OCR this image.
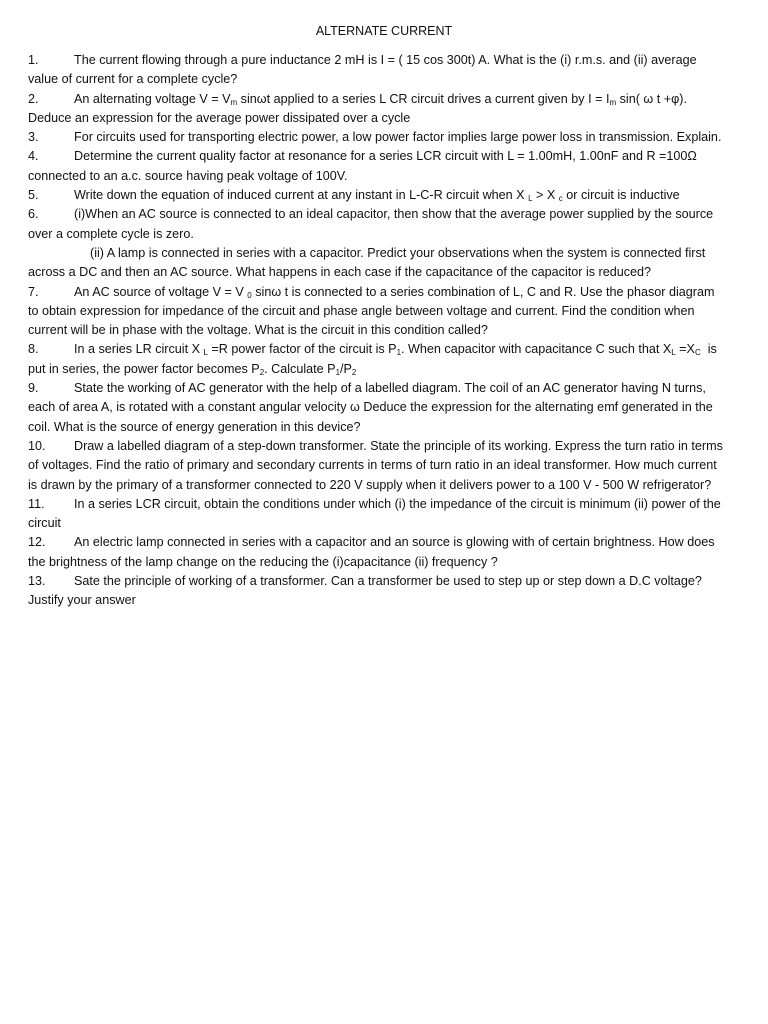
ALTERNATE CURRENT

1.	The current flowing through a pure inductance 2 mH is I = ( 15 cos 300t) A. What is the (i) r.m.s. and (ii) average value of current for a complete cycle?

2.	An alternating voltage $V = V_m$ sinωt applied to a series L CR circuit drives a current given by $I = I_m$ sin( ω t +φ). Deduce an expression for the average power dissipated over a cycle

3.	For circuits used for transporting electric power, a low power factor implies large power loss in transmission. Explain.

4.	Determine the current quality factor at resonance for a series LCR circuit with L = 1.00mH, 1.00nF and R =100Ω connected to an a.c. source having peak voltage of 100V.

5.	Write down the equation of induced current at any instant in L-C-R circuit when X $_L$ > X $_c$ or circuit is inductive

6.	(i)When an AC source is connected to an ideal capacitor, then show that the average power supplied by the source over a complete cycle is zero.

(ii) A lamp is connected in series with a capacitor. Predict your observations when the system is connected first across a DC and then an AC source. What happens in each case if the capacitance of the capacitor is reduced?

7.	An AC source of voltage V = V $_0$ sinω t is connected to a series combination of L, C and R. Use the phasor diagram to obtain expression for impedance of the circuit and phase angle between voltage and current. Find the condition when current will be in phase with the voltage. What is the circuit in this condition called?

8.	In a series LR circuit X $_L$ =R power factor of the circuit is $P_1$. When capacitor with capacitance C such that $X_L =X_C$  is put in series, the power factor becomes $P_2$. Calculate $P_1/P_2$

9.	State the working of AC generator with the help of a labelled diagram. The coil of an AC generator having N turns, each of area A, is rotated with a constant angular velocity ω Deduce the expression for the alternating emf generated in the coil. What is the source of energy generation in this device?

10. Draw a labelled diagram of a step-down transformer. State the principle of its working. Express the turn ratio in terms of voltages. Find the ratio of primary and secondary currents in terms of turn ratio in an ideal transformer. How much current is drawn by the primary of a transformer connected to 220 V supply when it delivers power to a 100 V - 500 W refrigerator?

11. In a series LCR circuit, obtain the conditions under which (i) the impedance of the circuit is minimum (ii) power of the circuit

12. An electric lamp connected in series with a capacitor and an source is glowing with of certain brightness. How does the brightness of the lamp change on the reducing the (i)capacitance (ii) frequency ?

13. Sate the principle of working of a transformer. Can a transformer be used to step up or step down a D.C voltage? Justify your answer
